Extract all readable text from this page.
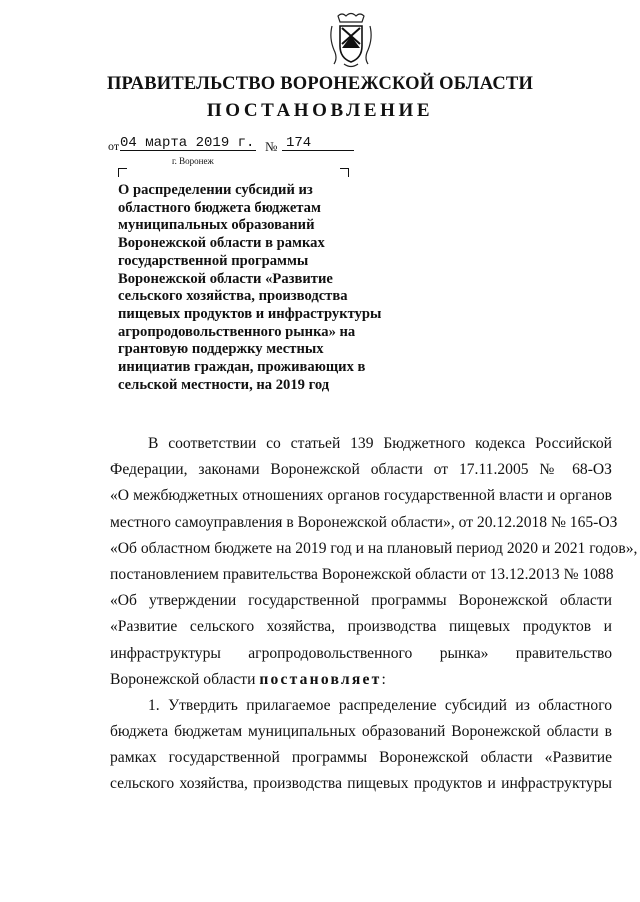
ПРАВИТЕЛЬСТВО ВОРОНЕЖСКОЙ ОБЛАСТИ
ПОСТАНОВЛЕНИЕ
от 04 марта 2019 г. № 174
г. Воронеж
О распределении субсидий из
областного бюджета бюджетам
муниципальных образований
Воронежской области в рамках
государственной программы
Воронежской области «Развитие
сельского хозяйства, производства
пищевых продуктов и инфраструктуры
агропродовольственного рынка» на
грантовую поддержку местных
инициатив граждан, проживающих в
сельской местности, на 2019 год
В соответствии со статьей 139 Бюджетного кодекса Российской
Федерации, законами Воронежской области от 17.11.2005 № 68-ОЗ
«О межбюджетных отношениях органов государственной власти и органов
местного самоуправления в Воронежской области», от 20.12.2018 № 165-ОЗ
«Об областном бюджете на 2019 год и на плановый период 2020 и 2021 годов»,
постановлением правительства Воронежской области от 13.12.2013 № 1088
«Об утверждении государственной программы Воронежской области
«Развитие сельского хозяйства, производства пищевых продуктов и
инфраструктуры агропродовольственного рынка» правительство
Воронежской области постановляет:
1. Утвердить прилагаемое распределение субсидий из областного
бюджета бюджетам муниципальных образований Воронежской области в
рамках государственной программы Воронежской области «Развитие
сельского хозяйства, производства пищевых продуктов и инфраструктуры
